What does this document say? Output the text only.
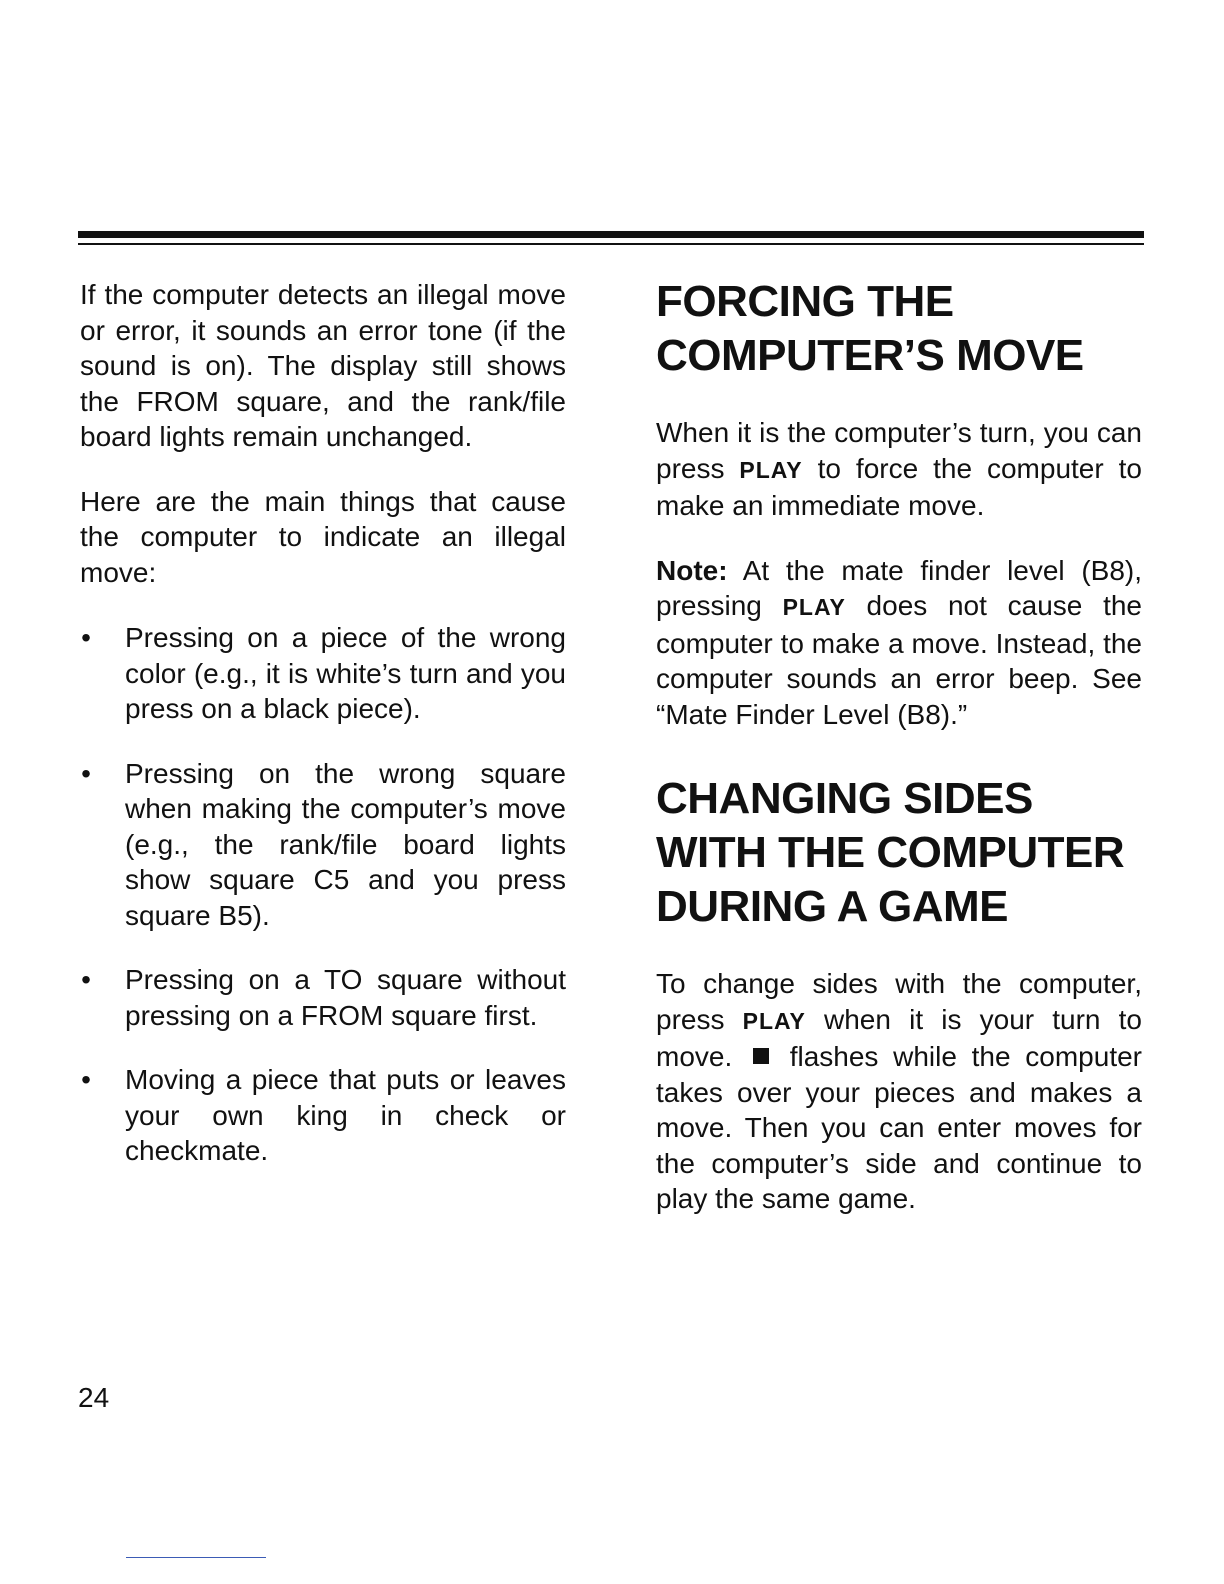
If the computer detects an illegal move or error, it sounds an error tone (if the sound is on). The display still shows the FROM square, and the rank/file board lights remain unchanged.

Here are the main things that cause the computer to indicate an illegal move:

• Pressing on a piece of the wrong color (e.g., it is white’s turn and you press on a black piece).
• Pressing on the wrong square when making the computer’s move (e.g., the rank/file board lights show square C5 and you press square B5).
• Pressing on a TO square without pressing on a FROM square first.
• Moving a piece that puts or leaves your own king in check or checkmate.
FORCING THE
COMPUTER’S MOVE

When it is the computer’s turn, you can press PLAY to force the computer to make an immediate move.

Note: At the mate finder level (B8), pressing PLAY does not cause the computer to make a move. Instead, the computer sounds an error beep. See “Mate Finder Level (B8).”

CHANGING SIDES
WITH THE COMPUTER
DURING A GAME

To change sides with the computer, press PLAY when it is your turn to move. flashes while the computer takes over your pieces and makes a move. Then you can enter moves for the computer’s side and continue to play the same game.

24
